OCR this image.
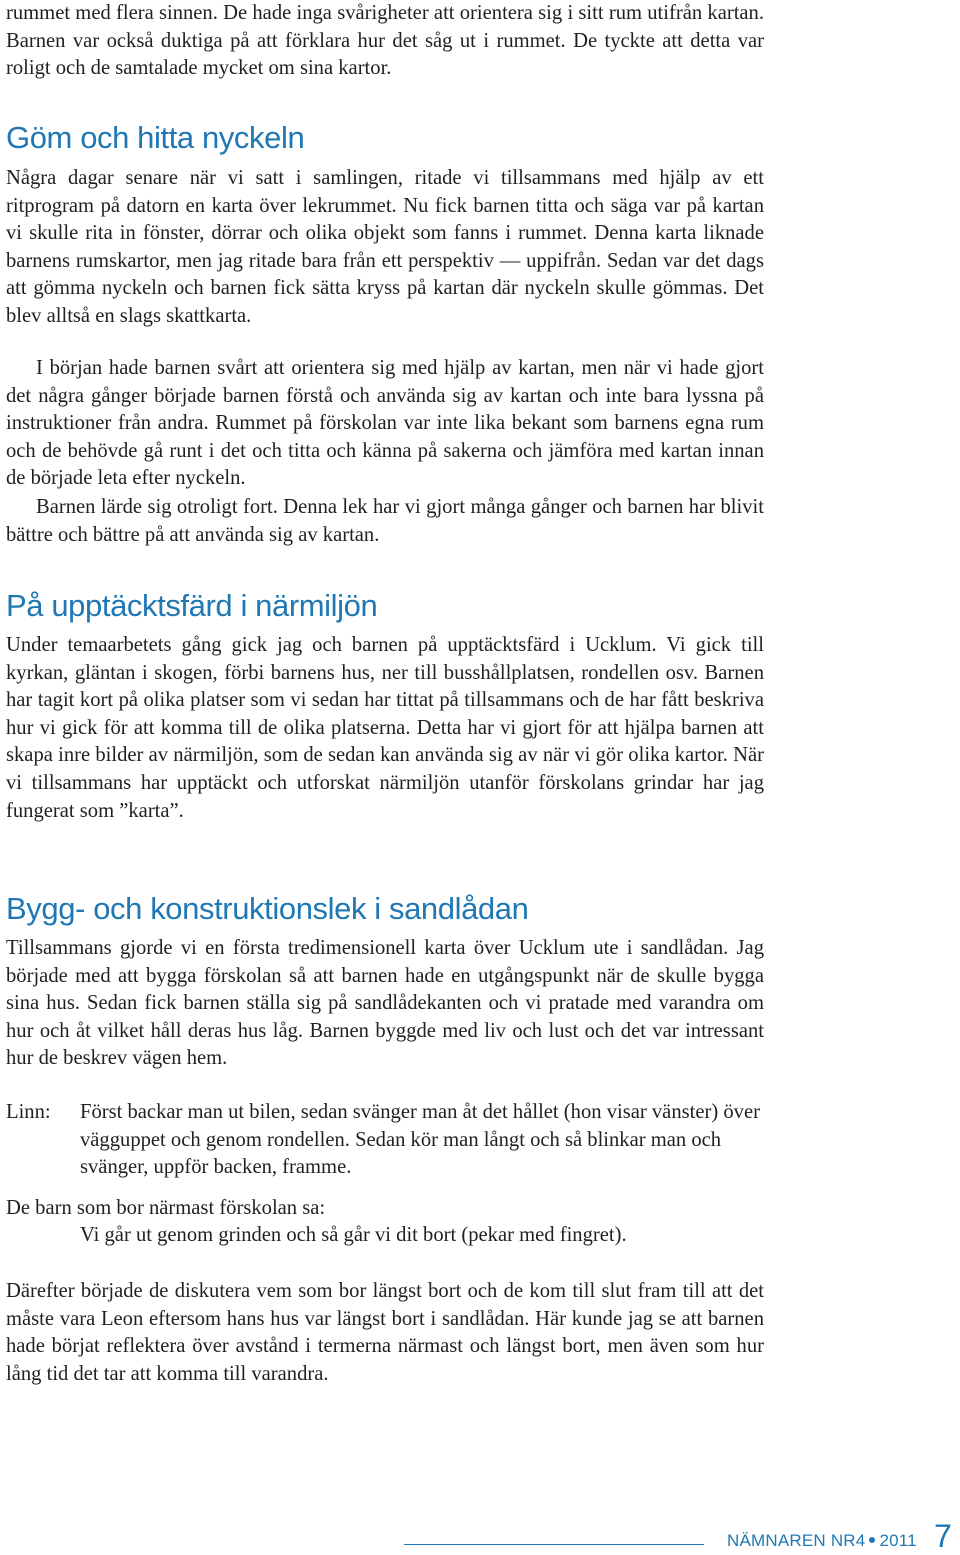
rummet med flera sinnen. De hade inga svårigheter att orientera sig i sitt rum utifrån kartan. Barnen var också duktiga på att förklara hur det såg ut i rummet. De tyckte att detta var roligt och de samtalade mycket om sina kartor.

Göm och hitta nyckeln

Några dagar senare när vi satt i samlingen, ritade vi tillsammans med hjälp av ett ritprogram på datorn en karta över lekrummet. Nu fick barnen titta och säga var på kartan vi skulle rita in fönster, dörrar och olika objekt som fanns i rummet. Denna karta liknade barnens rumskartor, men jag ritade bara från ett perspektiv — uppifrån. Sedan var det dags att gömma nyckeln och barnen fick sätta kryss på kartan där nyckeln skulle gömmas. Det blev alltså en slags skattkarta.

I början hade barnen svårt att orientera sig med hjälp av kartan, men när vi hade gjort det några gånger började barnen förstå och använda sig av kartan och inte bara lyssna på instruktioner från andra. Rummet på förskolan var inte lika bekant som barnens egna rum och de behövde gå runt i det och titta och känna på sakerna och jämföra med kartan innan de började leta efter nyckeln.

Barnen lärde sig otroligt fort. Denna lek har vi gjort många gånger och barnen har blivit bättre och bättre på att använda sig av kartan.

På upptäcktsfärd i närmiljön

Under temaarbetets gång gick jag och barnen på upptäcktsfärd i Ucklum. Vi gick till kyrkan, gläntan i skogen, förbi barnens hus, ner till busshållplatsen, rondellen osv. Barnen har tagit kort på olika platser som vi sedan har tittat på tillsammans och de har fått beskriva hur vi gick för att komma till de olika platserna. Detta har vi gjort för att hjälpa barnen att skapa inre bilder av närmiljön, som de sedan kan använda sig av när vi gör olika kartor. När vi tillsammans har upptäckt och utforskat närmiljön utanför förskolans grindar har jag fungerat som ”karta”.

Bygg- och konstruktionslek i sandlådan

Tillsammans gjorde vi en första tredimensionell karta över Ucklum ute i sandlådan. Jag började med att bygga förskolan så att barnen hade en utgångspunkt när de skulle bygga sina hus. Sedan fick barnen ställa sig på sandlådekanten och vi pratade med varandra om hur och åt vilket håll deras hus låg. Barnen byggde med liv och lust och det var intressant hur de beskrev vägen hem.

Linn:	Först backar man ut bilen, sedan svänger man åt det hållet (hon visar vänster) över vägguppet och genom rondellen. Sedan kör man långt och så blinkar man och svänger, uppför backen, framme.

De barn som bor närmast förskolan sa:

Vi går ut genom grinden och så går vi dit bort (pekar med fingret).

Därefter började de diskutera vem som bor längst bort och de kom till slut fram till att det måste vara Leon eftersom hans hus var längst bort i sandlådan. Här kunde jag se att barnen hade börjat reflektera över avstånd i termerna närmast och längst bort, men även som hur lång tid det tar att komma till varandra.

NÄMNAREN NR4 2011 7
